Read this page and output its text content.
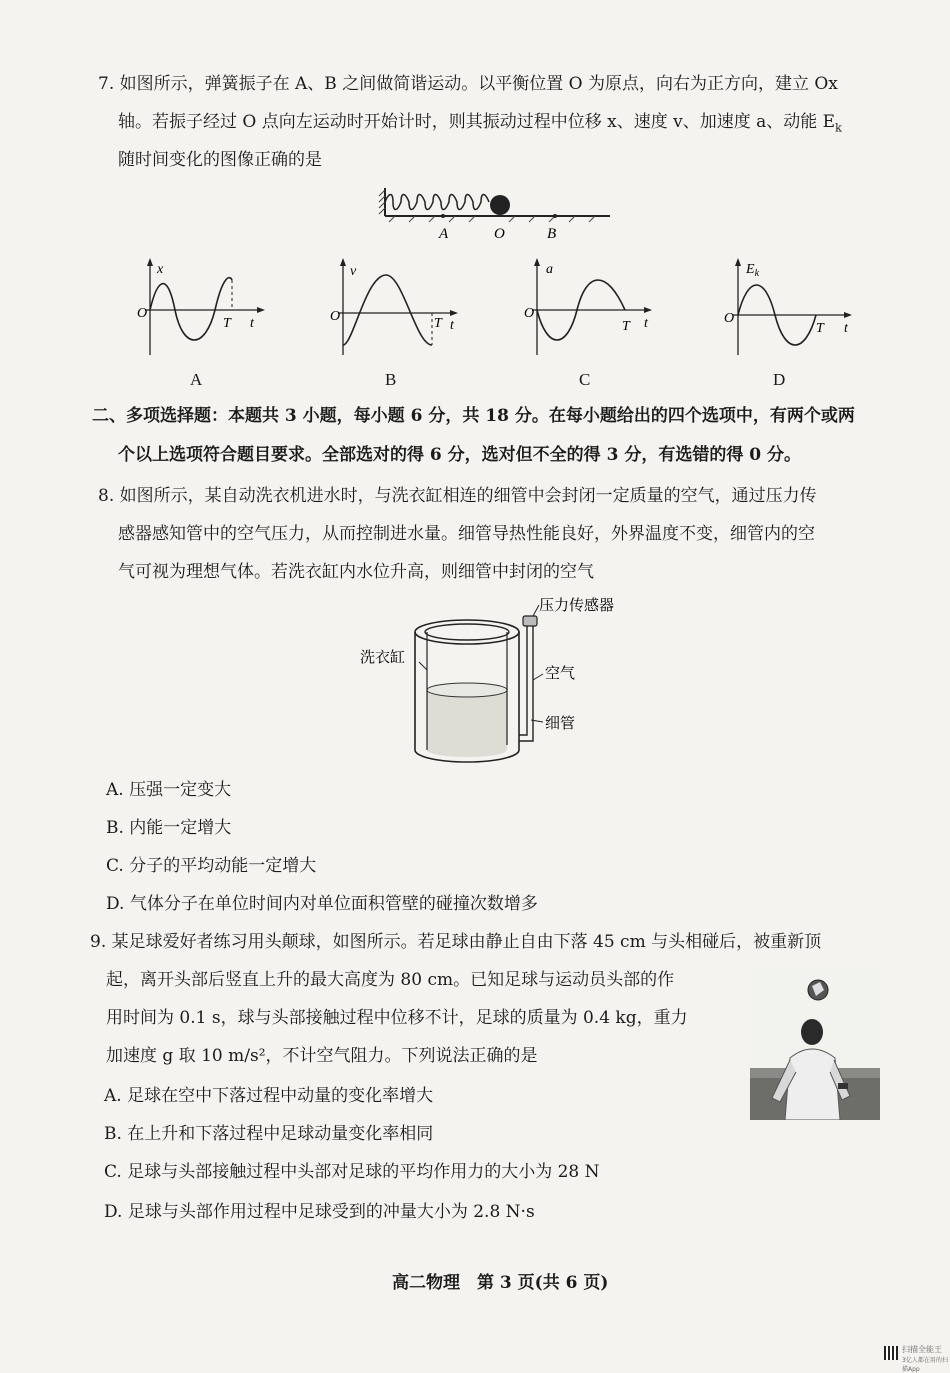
7. 如图所示，弹簧振子在 A、B 之间做简谐运动。以平衡位置 O 为原点，向右为正方向，建立 Ox
轴。若振子经过 O 点向左运动时开始计时，则其振动过程中位移 x、速度 v、加速度 a、动能 $E_k$
随时间变化的图像正确的是
A	O	B
x
O
T t
A
v
O	T t
B
a
O
T t
C
$E_k$
O
T t
D
二、多项选择题：本题共 3 小题，每小题 6 分，共 18 分。在每小题给出的四个选项中，有两个或两
个以上选项符合题目要求。全部选对的得 6 分，选对但不全的得 3 分，有选错的得 0 分。
8. 如图所示，某自动洗衣机进水时，与洗衣缸相连的细管中会封闭一定质量的空气，通过压力传
感器感知管中的空气压力，从而控制进水量。细管导热性能良好，外界温度不变，细管内的空
气可视为理想气体。若洗衣缸内水位升高，则细管中封闭的空气
压力传感器
洗衣缸
空气
细管
A. 压强一定变大
B. 内能一定增大
C. 分子的平均动能一定增大
D. 气体分子在单位时间内对单位面积管壁的碰撞次数增多
9. 某足球爱好者练习用头颠球，如图所示。若足球由静止自由下落 45 cm 与头相碰后，被重新顶
起，离开头部后竖直上升的最大高度为 80 cm。已知足球与运动员头部的作
用时间为 0.1 s，球与头部接触过程中位移不计，足球的质量为 0.4 kg，重力
加速度 g 取 10 m/s²，不计空气阻力。下列说法正确的是
A. 足球在空中下落过程中动量的变化率增大
B. 在上升和下落过程中足球动量变化率相同
C. 足球与头部接触过程中头部对足球的平均作用力的大小为 28 N
D. 足球与头部作用过程中足球受到的冲量大小为 2.8 N·s
高二物理　第 3 页(共 6 页)
扫描全能王
3亿人都在用的扫描App
